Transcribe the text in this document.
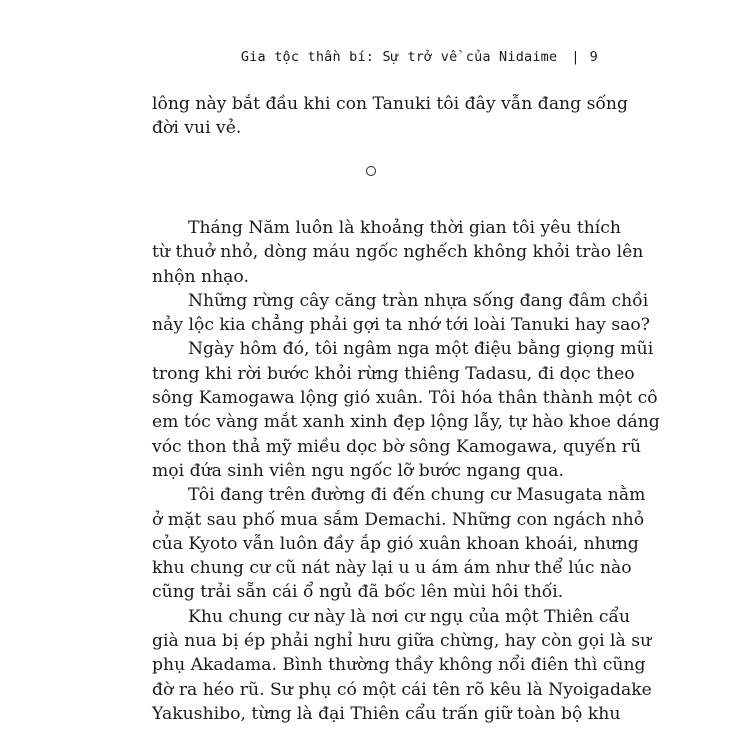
Gia tộc thần bí: Sự trở về của Nidaime | 9
lông này bắt đầu khi con Tanuki tôi đây vẫn đang sống
đời vui vẻ.
Tháng Năm luôn là khoảng thời gian tôi yêu thích
từ thuở nhỏ, dòng máu ngốc nghếch không khỏi trào lên
nhộn nhạo.
Những rừng cây căng tràn nhựa sống đang đâm chồi
nảy lộc kia chẳng phải gợi ta nhớ tới loài Tanuki hay sao?
Ngày hôm đó, tôi ngâm nga một điệu bằng giọng mũi
trong khi rời bước khỏi rừng thiêng Tadasu, đi dọc theo
sông Kamogawa lộng gió xuân. Tôi hóa thân thành một cô
em tóc vàng mắt xanh xinh đẹp lộng lẫy, tự hào khoe dáng
vóc thon thả mỹ miều dọc bờ sông Kamogawa, quyến rũ
mọi đứa sinh viên ngu ngốc lỡ bước ngang qua.
Tôi đang trên đường đi đến chung cư Masugata nằm
ở mặt sau phố mua sắm Demachi. Những con ngách nhỏ
của Kyoto vẫn luôn đầy ắp gió xuân khoan khoái, nhưng
khu chung cư cũ nát này lại u u ám ám như thể lúc nào
cũng trải sẵn cái ổ ngủ đã bốc lên mùi hôi thối.
Khu chung cư này là nơi cư ngụ của một Thiên cẩu
già nua bị ép phải nghỉ hưu giữa chừng, hay còn gọi là sư
phụ Akadama. Bình thường thầy không nổi điên thì cũng
đờ ra héo rũ. Sư phụ có một cái tên rõ kêu là Nyoigadake
Yakushibo, từng là đại Thiên cẩu trấn giữ toàn bộ khu
